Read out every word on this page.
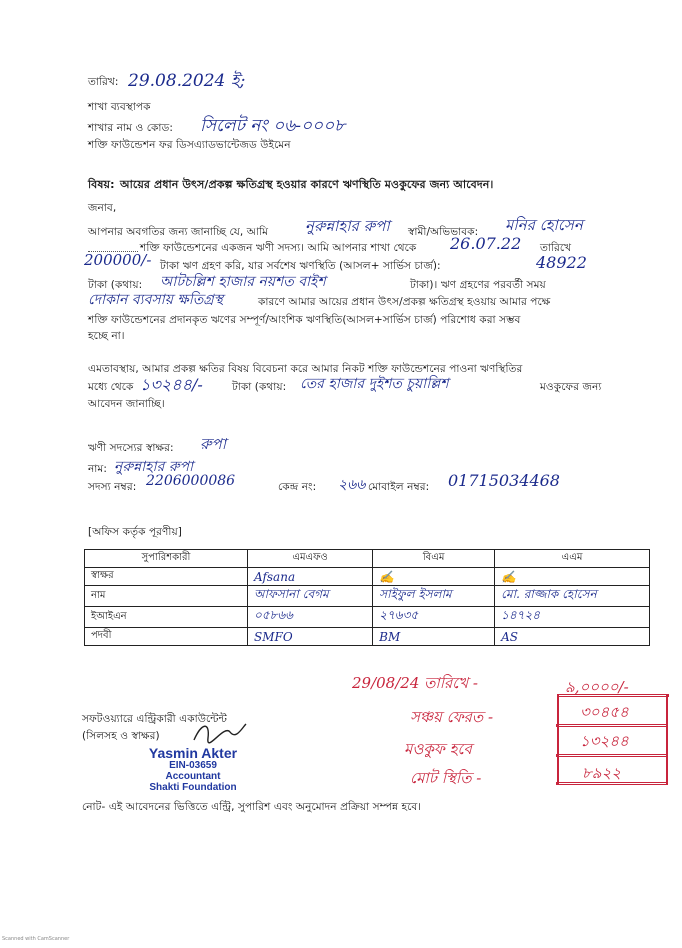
তারিখ: 29.08.2024 ই;
শাখা ব্যবস্থাপক
শাখার নাম ও কোড: সিলেট নং ০৬-০০০৮
শক্তি ফাউন্ডেশন ফর ডিসএ্যাডভান্টেজড উইমেন
বিষয়: আয়ের প্রধান উৎস/প্রকল্প ক্ষতিগ্রস্থ হওয়ার কারণে ঋণস্থিতি মওকুফের জন্য আবেদন।
জনাব,
আপনার অবগতির জন্য জানাচ্ছি যে, আমি নুরুন্নাহার রুপা স্বামী/অভিভাবক: মনির হোসেন
শক্তি ফাউন্ডেশনের একজন ঋণী সদস্য। আমি আপনার শাখা থেকে 26.07.22 তারিখে
200000/- টাকা ঋণ গ্রহণ করি, যার সর্বশেষ ঋণস্থিতি (আসল+ সার্ভিস চার্জ):	48922
টাকা (কথায়: আটচল্লিশ হাজার নয়শত বাইশ	টাকা)। ঋণ গ্রহণের পরবর্তী সময়
দোকান ব্যবসায় ক্ষতিগ্রস্থ	কারণে আমার আয়ের প্রধান উৎস/প্রকল্প ক্ষতিগ্রস্থ হওয়ায় আমার পক্ষে
শক্তি ফাউন্ডেশনের প্রদানকৃত ঋণের সম্পূর্ণ/আংশিক ঋণস্থিতি(আসল+সার্ভিস চার্জ) পরিশোধ করা সম্ভব
হচ্ছে না।
এমতাবস্থায়, আমার প্রকল্প ক্ষতির বিষয় বিবেচনা করে আমার নিকট শক্তি ফাউন্ডেশনের পাওনা ঋণস্থিতির
মধ্যে থেকে ১৩২৪৪/-	টাকা (কথায়: তের হাজার দুইশত চুয়াল্লিশ	মওকুফের জন্য
আবেদন জানাচ্ছি।
ঋণী সদস্যের স্বাক্ষর: রুপা
নাম: নুরুন্নাহার রুপা
সদস্য নম্বর: 2206000086	কেন্দ্র নং: ২৬৬ মোবাইল নম্বর: 01715034468
[অফিস কর্তৃক পূরণীয়]
সুপারিশকারী	এমএফও	বিএম	এএম
স্বাক্ষর	Afsana	✍	✍
নাম	আফসানা বেগম	সাইফুল ইসলাম	মো. রাজ্জাক হোসেন
ইআইএন	০৫৮৬৬	২৭৬৩৫	১৪৭২৪
পদবী	SMFO	BM	AS
29/08/24 তারিখে -	৯,০০০০/-
সঞ্চয় ফেরত -	৩০৪৫৪
মওকুফ হবে	১৩২৪৪
মোট স্থিতি -	৮৯২২
সফটওয়্যারে এন্ট্রিকারী একাউন্টেন্ট
(সিলসহ ও স্বাক্ষর)
Yasmin Akter
EIN-03659
Accountant
Shakti Foundation
নোট- এই আবেদনের ভিত্তিতে এন্ট্রি, সুপারিশ এবং অনুমোদন প্রক্রিয়া সম্পন্ন হবে।
Scanned with CamScanner
